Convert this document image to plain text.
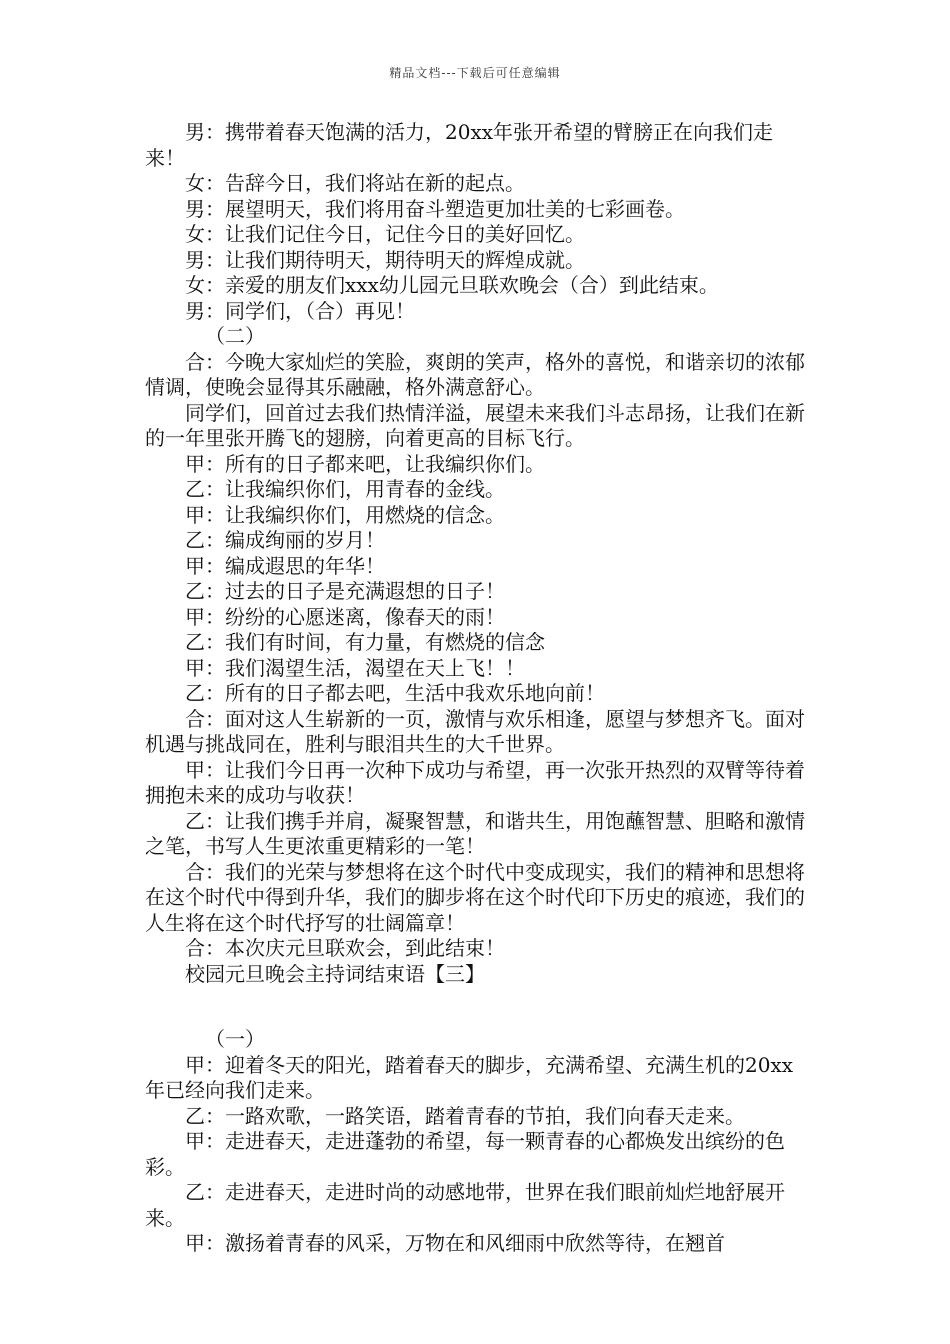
精品文档---下载后可任意编辑

男：携带着春天饱满的活力，20xx年张开希望的臂膀正在向我们走来！

女：告辞今日，我们将站在新的起点。

男：展望明天，我们将用奋斗塑造更加壮美的七彩画卷。

女：让我们记住今日，记住今日的美好回忆。

男：让我们期待明天，期待明天的辉煌成就。

女：亲爱的朋友们xxx幼儿园元旦联欢晚会（合）到此结束。

男：同学们，（合）再见！

（二）

合：今晚大家灿烂的笑脸，爽朗的笑声，格外的喜悦，和谐亲切的浓郁情调，使晚会显得其乐融融，格外满意舒心。

同学们，回首过去我们热情洋溢，展望未来我们斗志昂扬，让我们在新的一年里张开腾飞的翅膀，向着更高的目标飞行。

甲：所有的日子都来吧，让我编织你们。

乙：让我编织你们，用青春的金线。

甲：让我编织你们，用燃烧的信念。

乙：编成绚丽的岁月！

甲：编成遐思的年华！

乙：过去的日子是充满遐想的日子！

甲：纷纷的心愿迷离，像春天的雨！

乙：我们有时间，有力量，有燃烧的信念

甲：我们渴望生活，渴望在天上飞！！

乙：所有的日子都去吧，生活中我欢乐地向前！

合：面对这人生崭新的一页，激情与欢乐相逢，愿望与梦想齐飞。面对机遇与挑战同在，胜利与眼泪共生的大千世界。

甲：让我们今日再一次种下成功与希望，再一次张开热烈的双臂等待着拥抱未来的成功与收获！

乙：让我们携手并肩，凝聚智慧，和谐共生，用饱蘸智慧、胆略和激情之笔，书写人生更浓重更精彩的一笔！

合：我们的光荣与梦想将在这个时代中变成现实，我们的精神和思想将在这个时代中得到升华，我们的脚步将在这个时代印下历史的痕迹，我们的人生将在这个时代抒写的壮阔篇章！

合：本次庆元旦联欢会，到此结束！

校园元旦晚会主持词结束语【三】

（一）

甲：迎着冬天的阳光，踏着春天的脚步，充满希望、充满生机的20xx年已经向我们走来。

乙：一路欢歌，一路笑语，踏着青春的节拍，我们向春天走来。

甲：走进春天，走进蓬勃的希望，每一颗青春的心都焕发出缤纷的色彩。

乙：走进春天，走进时尚的动感地带，世界在我们眼前灿烂地舒展开来。

甲：激扬着青春的风采，万物在和风细雨中欣然等待，在翘首
